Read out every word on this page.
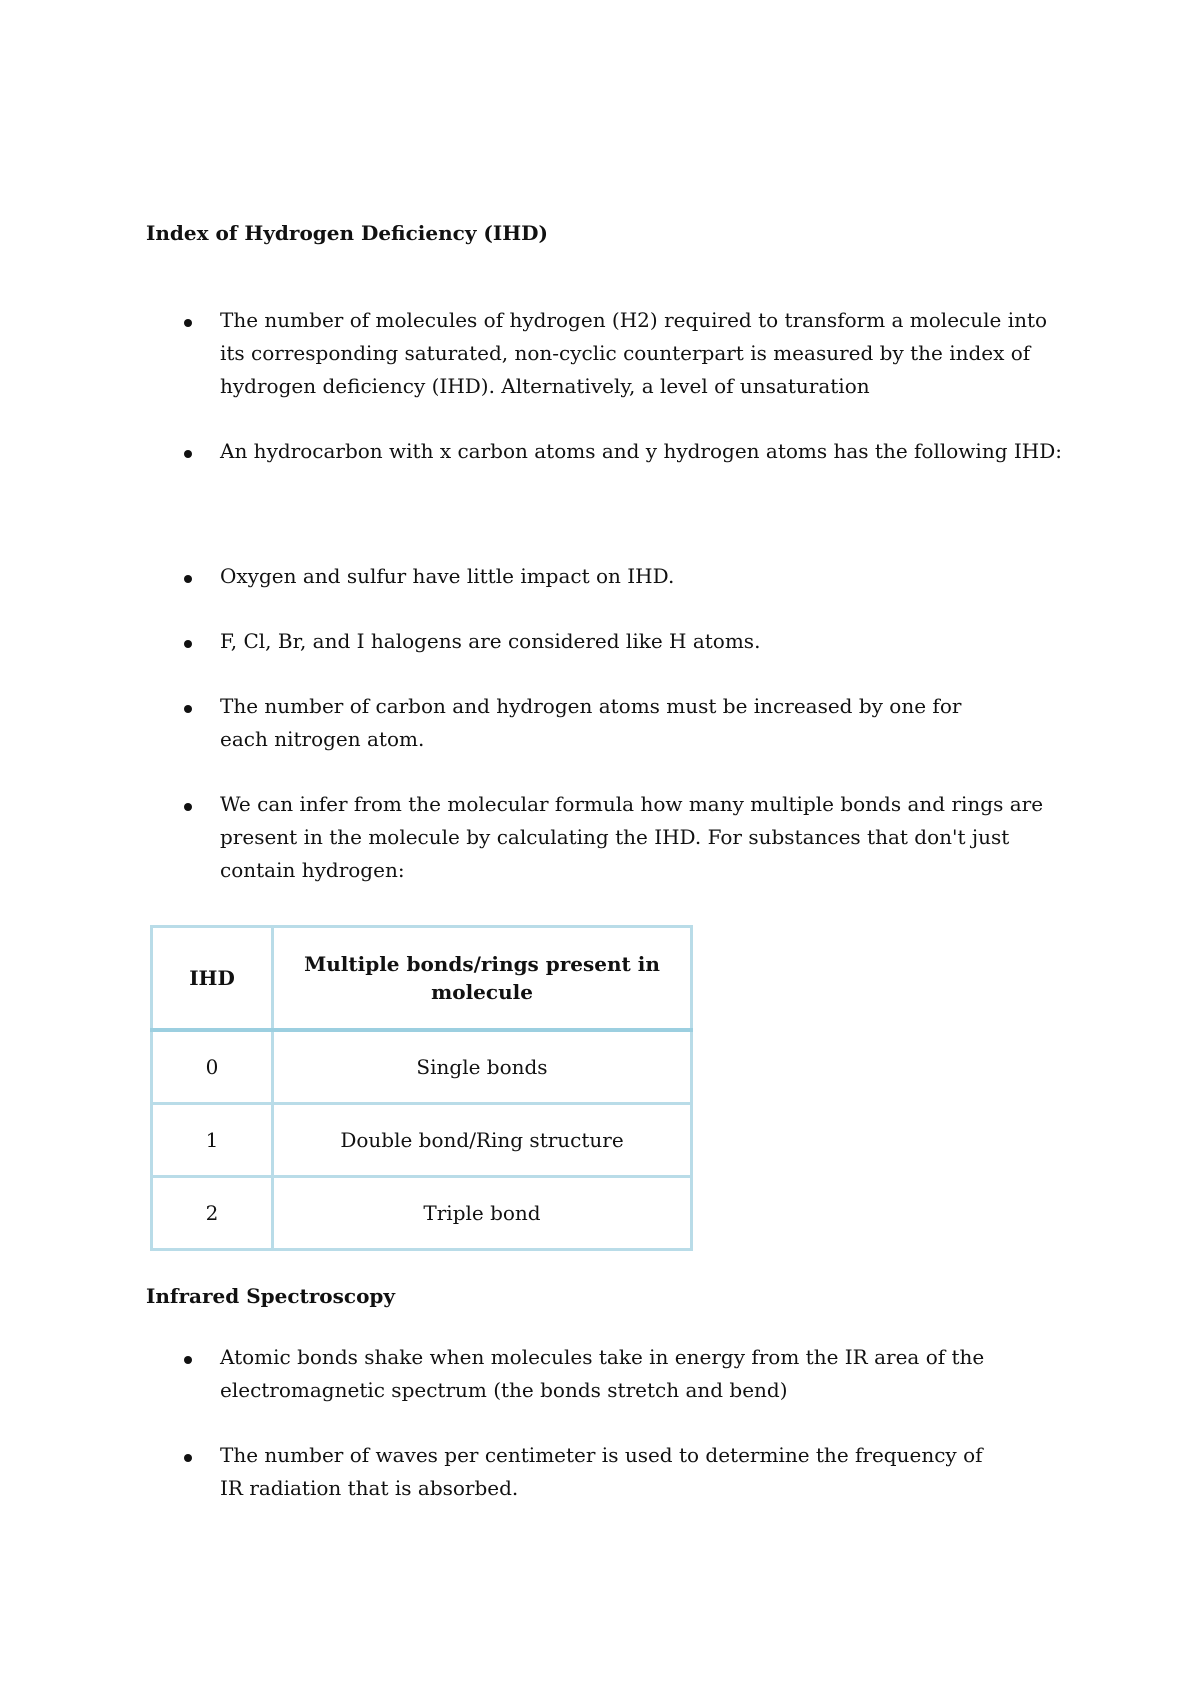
Index of Hydrogen Deficiency (IHD)
The number of molecules of hydrogen (H2) required to transform a molecule into its corresponding saturated, non-cyclic counterpart is measured by the index of hydrogen deficiency (IHD). Alternatively, a level of unsaturation
An hydrocarbon with x carbon atoms and y hydrogen atoms has the following IHD:
Oxygen and sulfur have little impact on IHD.
F, Cl, Br, and I halogens are considered like H atoms.
The number of carbon and hydrogen atoms must be increased by one for each nitrogen atom.
We can infer from the molecular formula how many multiple bonds and rings are present in the molecule by calculating the IHD. For substances that don't just contain hydrogen:
IHD	Multiple bonds/rings present in molecule
0	Single bonds
1	Double bond/Ring structure
2	Triple bond
Infrared Spectroscopy
Atomic bonds shake when molecules take in energy from the IR area of the electromagnetic spectrum (the bonds stretch and bend)
The number of waves per centimeter is used to determine the frequency of IR radiation that is absorbed.
